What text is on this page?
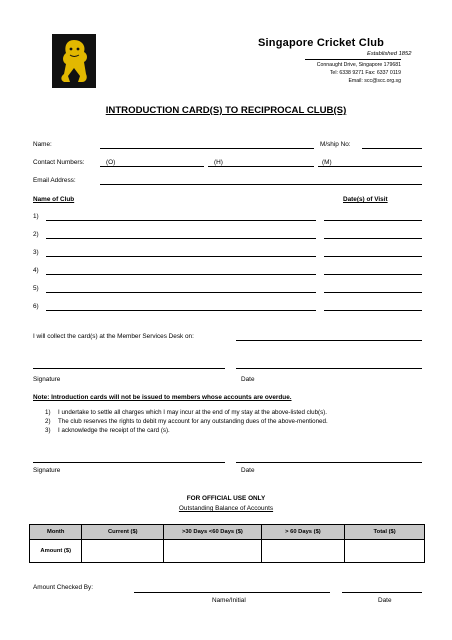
Singapore Cricket Club
Established 1852
Connaught Drive, Singapore 179681
Tel: 6338 9271 Fax: 6337 0119
Email: scc@scc.org.sg
INTRODUCTION CARD(S) TO RECIPROCAL CLUB(S)
Name:	M/ship No:
Contact Numbers:	(O)	(H)	(M)
Email Address:
Name of Club	Date(s) of Visit
1)
2)
3)
4)
5)
6)
I will collect the card(s) at the Member Services Desk on:
Signature	Date
Note: Introduction cards will not be issued to members whose accounts are overdue.
1) I undertake to settle all charges which I may incur at the end of my stay at the above-listed club(s).
2) The club reserves the rights to debit my account for any outstanding dues of the above-mentioned.
3) I acknowledge the receipt of the card (s).
Signature	Date
FOR OFFICIAL USE ONLY
Outstanding Balance of Accounts
Month	Current ($)	>30 Days <60 Days ($)	> 60 Days ($)	Total ($)
Amount ($)				
Amount Checked By:
Name/Initial	Date
